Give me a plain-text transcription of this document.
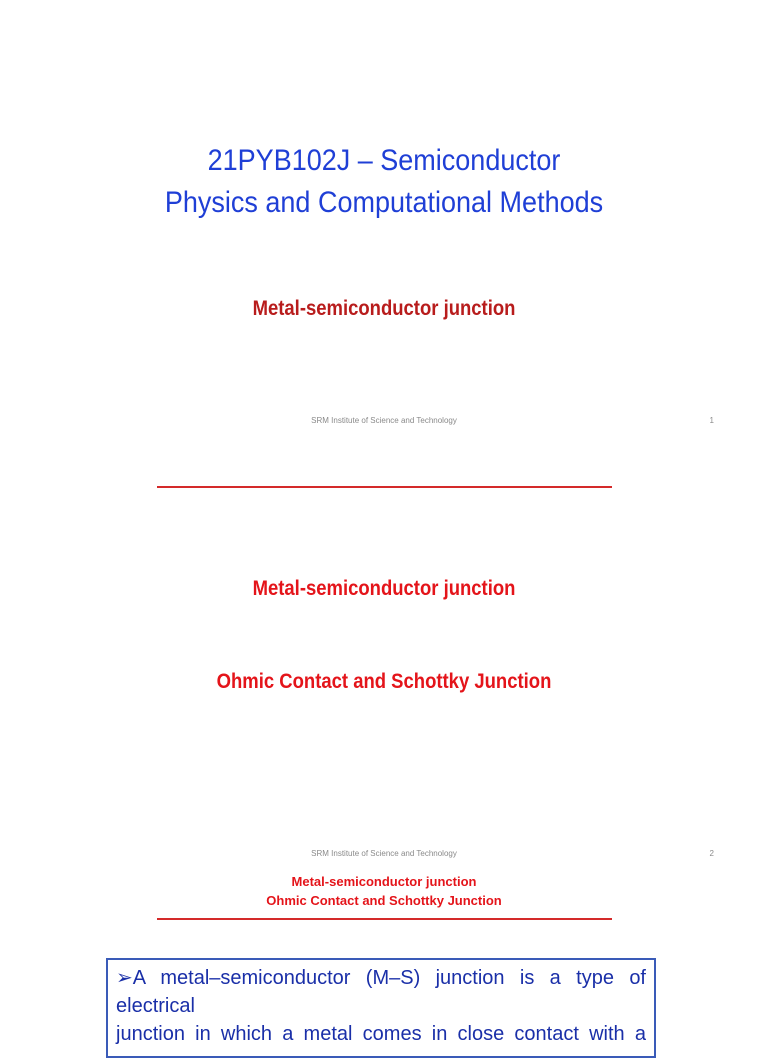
21PYB102J – Semiconductor
Physics and Computational Methods
Metal-semiconductor junction
SRM Institute of Science and Technology	1
Metal-semiconductor junction
Ohmic Contact and Schottky Junction
SRM Institute of Science and Technology	2
Metal-semiconductor junction
Ohmic Contact and Schottky Junction
➢A metal–semiconductor (M–S) junction is a type of electrical
junction in which a metal comes in close contact with a
